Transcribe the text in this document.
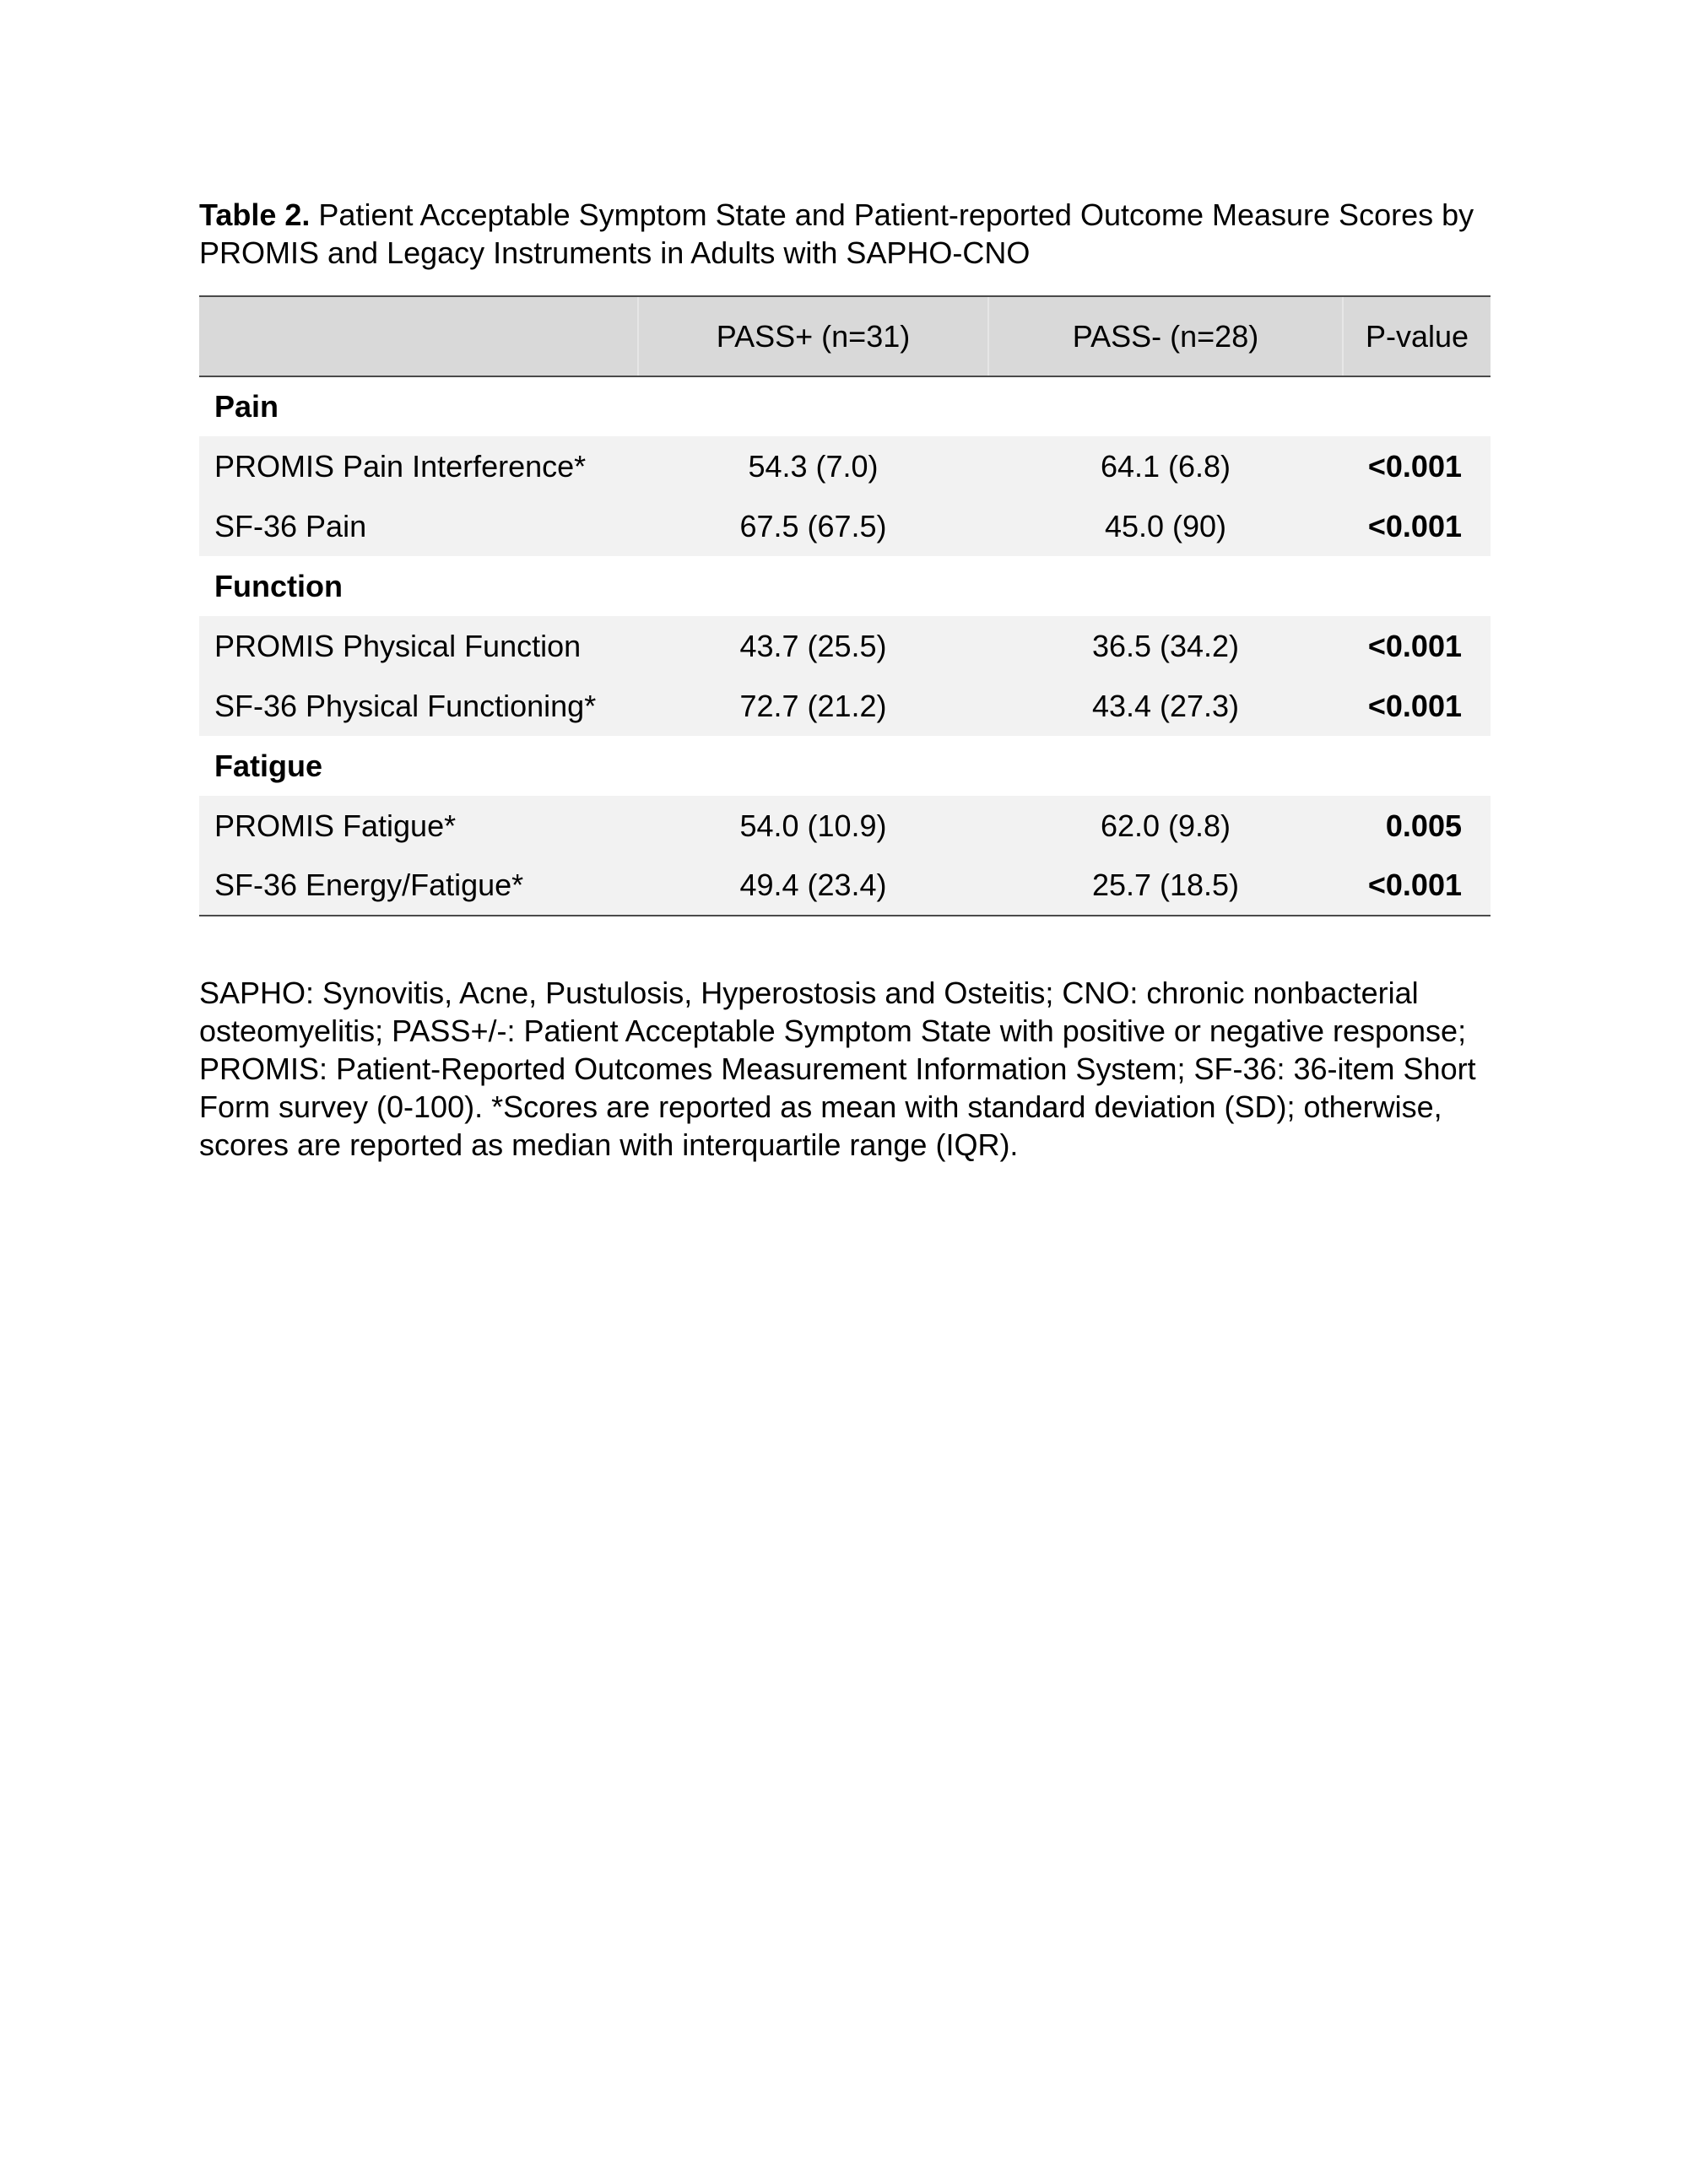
Table 2. Patient Acceptable Symptom State and Patient-reported Outcome Measure Scores by PROMIS and Legacy Instruments in Adults with SAPHO-CNO

	PASS+ (n=31)	PASS- (n=28)	P-value
Pain			
PROMIS Pain Interference*	54.3 (7.0)	64.1 (6.8)	<0.001
SF-36 Pain	67.5 (67.5)	45.0 (90)	<0.001
Function			
PROMIS Physical Function	43.7 (25.5)	36.5 (34.2)	<0.001
SF-36 Physical Functioning*	72.7 (21.2)	43.4 (27.3)	<0.001
Fatigue			
PROMIS Fatigue*	54.0 (10.9)	62.0 (9.8)	0.005
SF-36 Energy/Fatigue*	49.4 (23.4)	25.7 (18.5)	<0.001

SAPHO: Synovitis, Acne, Pustulosis, Hyperostosis and Osteitis; CNO: chronic nonbacterial osteomyelitis; PASS+/-: Patient Acceptable Symptom State with positive or negative response; PROMIS: Patient-Reported Outcomes Measurement Information System; SF-36: 36-item Short Form survey (0-100). *Scores are reported as mean with standard deviation (SD); otherwise, scores are reported as median with interquartile range (IQR).
